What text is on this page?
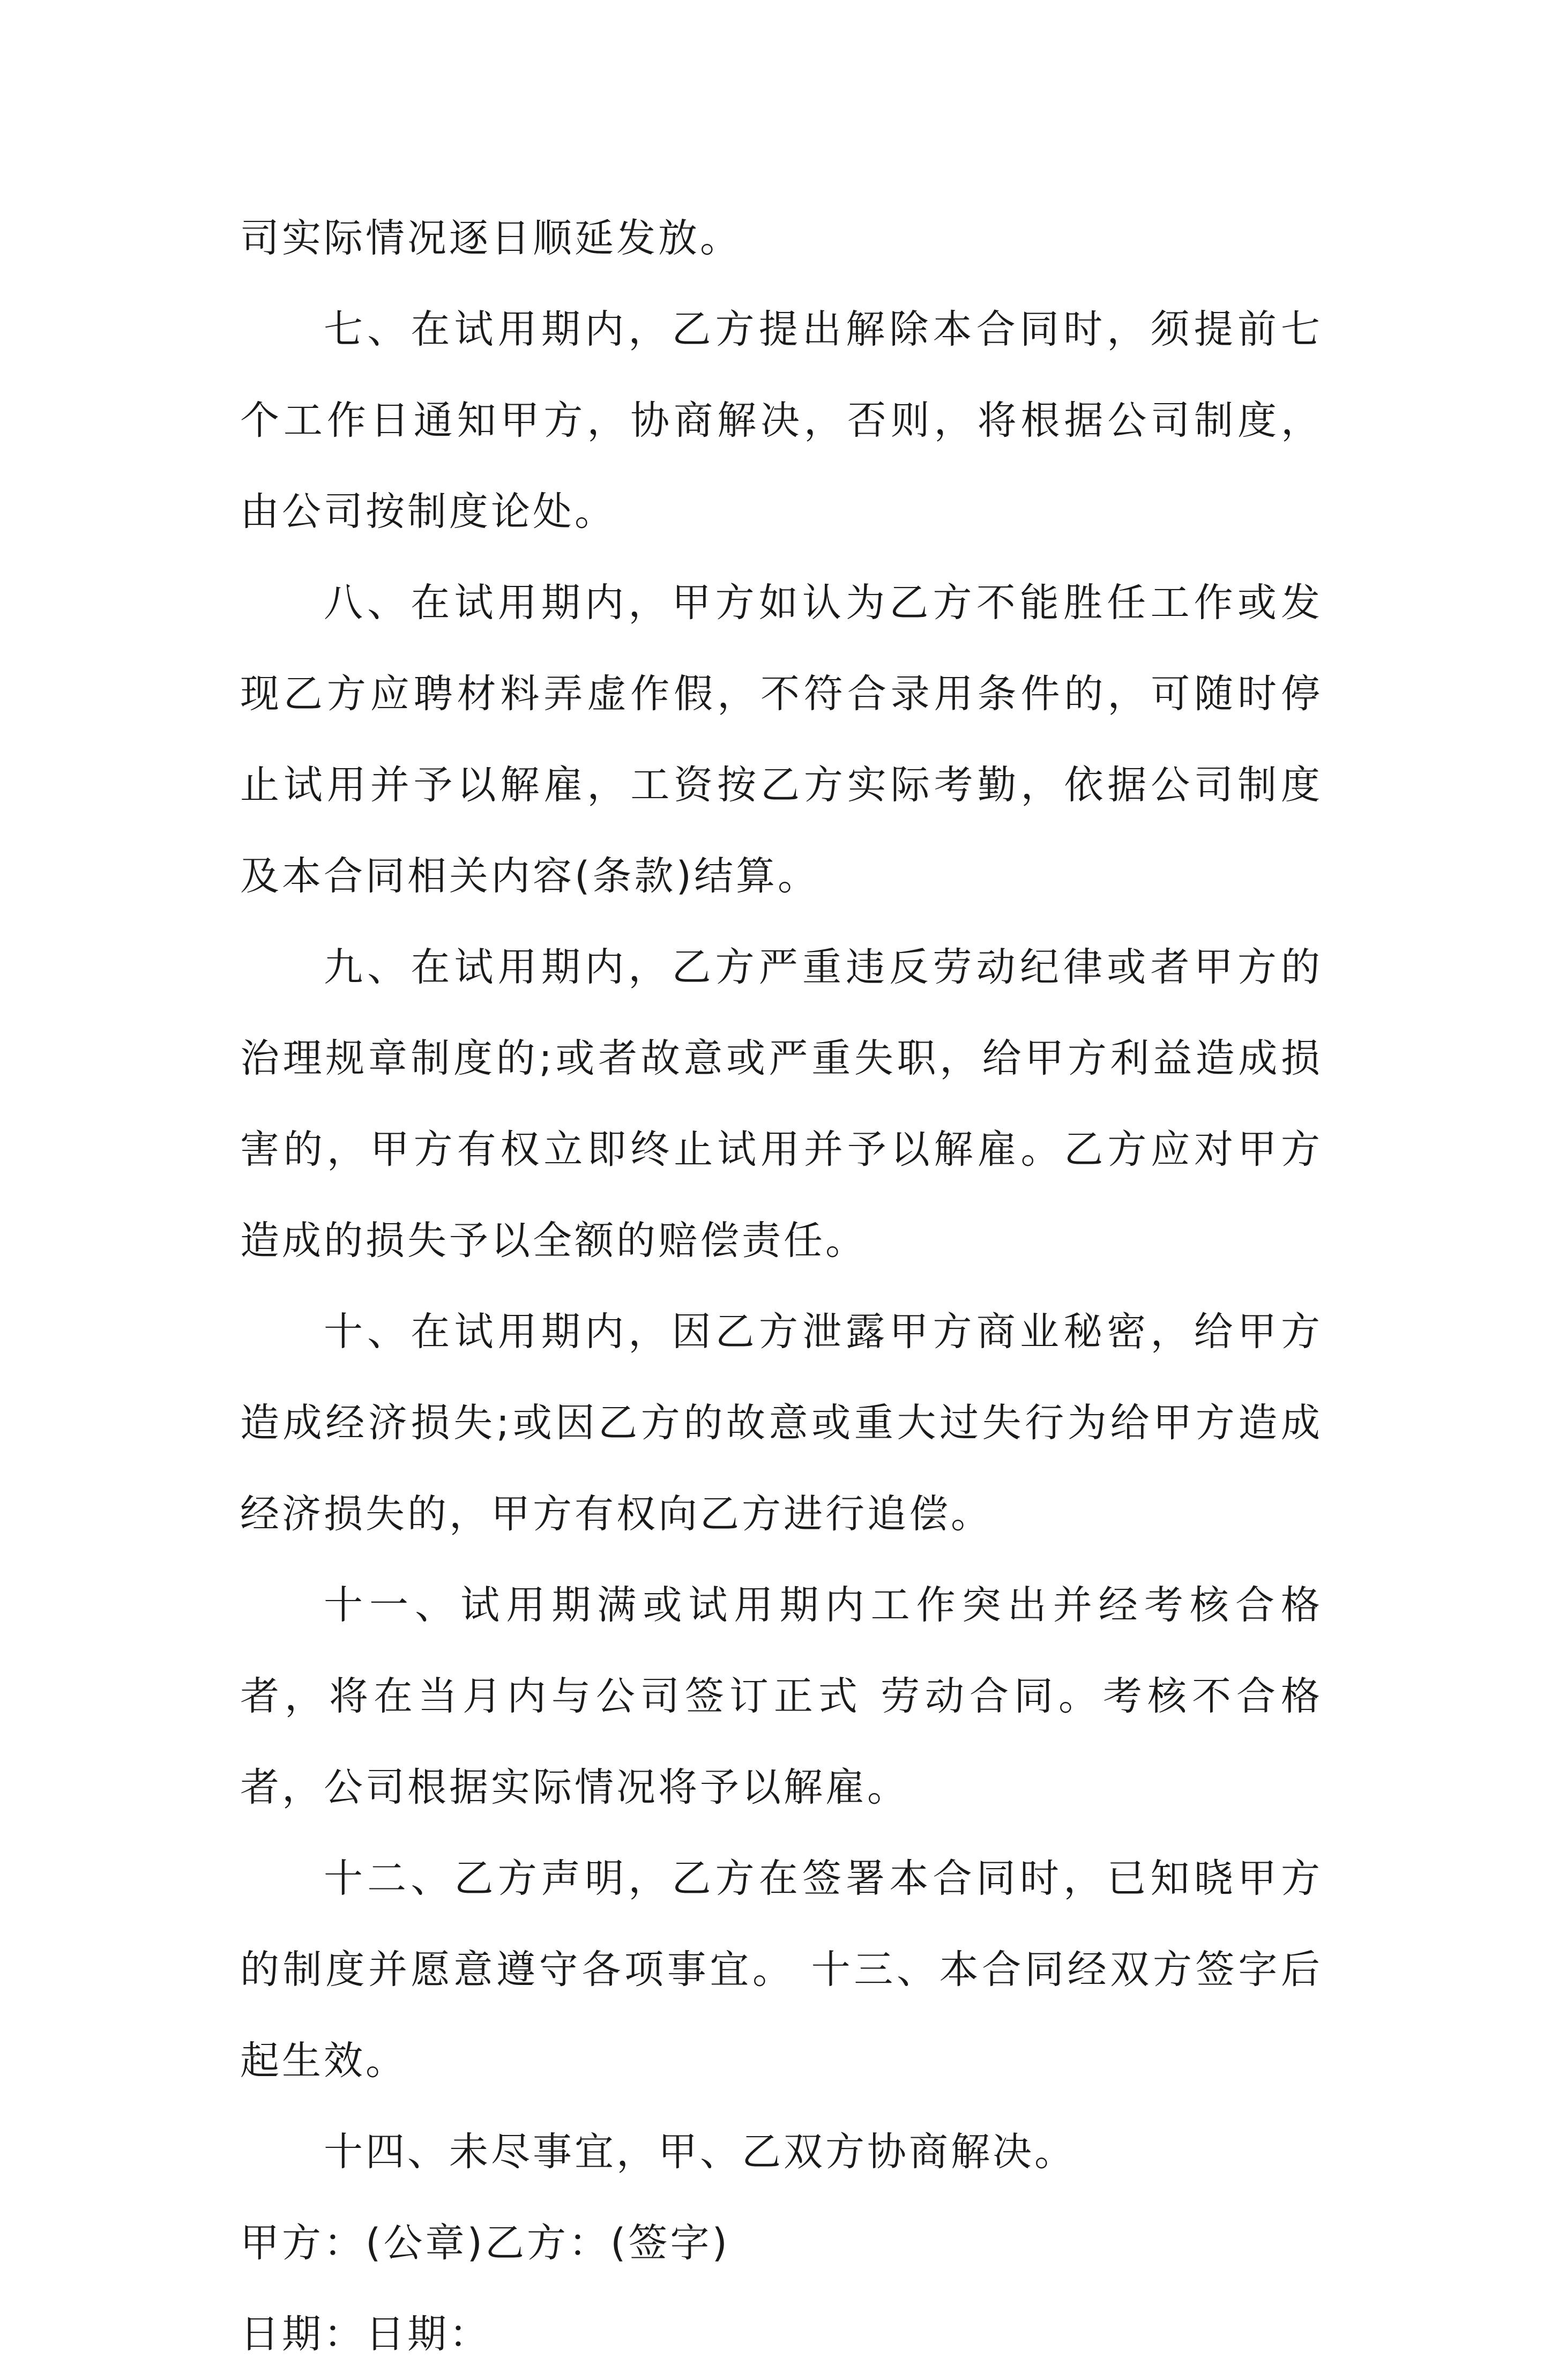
司实际情况逐日顺延发放。

七、在试用期内，乙方提出解除本合同时，须提前七个工作日通知甲方，协商解决，否则，将根据公司制度，由公司按制度论处。

八、在试用期内，甲方如认为乙方不能胜任工作或发现乙方应聘材料弄虚作假，不符合录用条件的，可随时停止试用并予以解雇，工资按乙方实际考勤，依据公司制度及本合同相关内容(条款)结算。

九、在试用期内，乙方严重违反劳动纪律或者甲方的治理规章制度的;或者故意或严重失职，给甲方利益造成损害的，甲方有权立即终止试用并予以解雇。乙方应对甲方造成的损失予以全额的赔偿责任。

十、在试用期内，因乙方泄露甲方商业秘密，给甲方造成经济损失;或因乙方的故意或重大过失行为给甲方造成经济损失的，甲方有权向乙方进行追偿。

十一、试用期满或试用期内工作突出并经考核合格者，将在当月内与公司签订正式 劳动合同。考核不合格者，公司根据实际情况将予以解雇。

十二、乙方声明，乙方在签署本合同时，已知晓甲方的制度并愿意遵守各项事宜。 十三、本合同经双方签字后起生效。

十四、未尽事宜，甲、乙双方协商解决。

甲方：(公章)乙方：(签字)

日期：日期：
